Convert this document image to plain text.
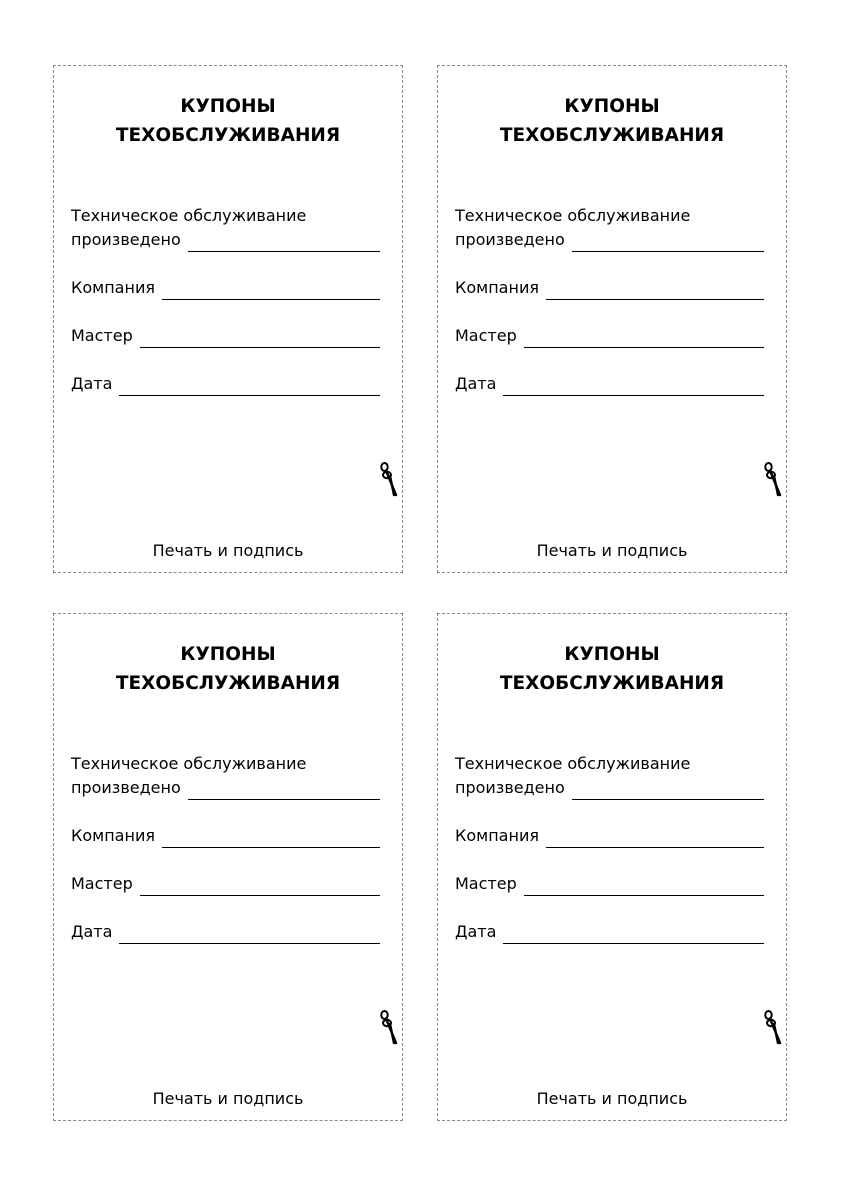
КУПОНЫ
ТЕХОБСЛУЖИВАНИЯ
Техническое обслуживание
произведено
Компания
Мастер
Дата
Печать и подпись
КУПОНЫ
ТЕХОБСЛУЖИВАНИЯ
Техническое обслуживание
произведено
Компания
Мастер
Дата
Печать и подпись
КУПОНЫ
ТЕХОБСЛУЖИВАНИЯ
Техническое обслуживание
произведено
Компания
Мастер
Дата
Печать и подпись
КУПОНЫ
ТЕХОБСЛУЖИВАНИЯ
Техническое обслуживание
произведено
Компания
Мастер
Дата
Печать и подпись
